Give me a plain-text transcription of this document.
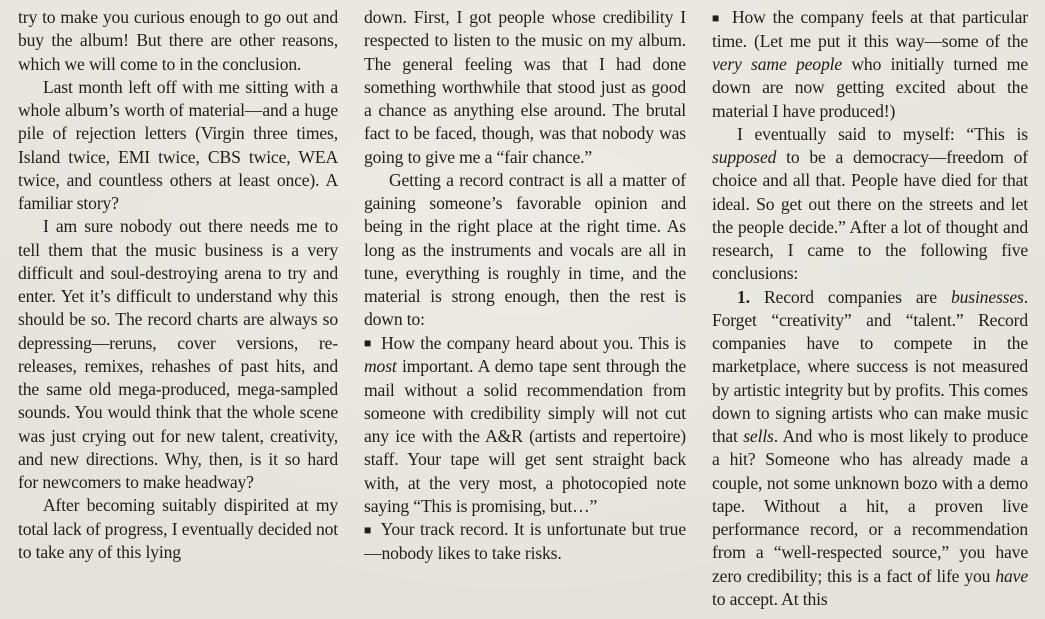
try to make you curious enough to go out and buy the album! But there are other reasons, which we will come to in the conclusion.

Last month left off with me sitting with a whole album’s worth of material—and a huge pile of rejection letters (Virgin three times, Island twice, EMI twice, CBS twice, WEA twice, and countless others at least once). A familiar story?

I am sure nobody out there needs me to tell them that the music business is a very difficult and soul-destroying arena to try and enter. Yet it’s difficult to understand why this should be so. The record charts are always so depressing—reruns, cover versions, re-releases, remixes, rehashes of past hits, and the same old mega-produced, mega-sampled sounds. You would think that the whole scene was just crying out for new talent, creativity, and new directions. Why, then, is it so hard for newcomers to make headway?

After becoming suitably dispirited at my total lack of progress, I eventually decided not to take any of this lying

down. First, I got people whose credibility I respected to listen to the music on my album. The general feeling was that I had done something worthwhile that stood just as good a chance as anything else around. The brutal fact to be faced, though, was that nobody was going to give me a “fair chance.”

Getting a record contract is all a matter of gaining someone’s favorable opinion and being in the right place at the right time. As long as the instruments and vocals are all in tune, everything is roughly in time, and the material is strong enough, then the rest is down to:

■ How the company heard about you. This is most important. A demo tape sent through the mail without a solid recommendation from someone with credibility simply will not cut any ice with the A&R (artists and repertoire) staff. Your tape will get sent straight back with, at the very most, a photocopied note saying “This is promising, but…”

■ Your track record. It is unfortunate but true—nobody likes to take risks.

■ How the company feels at that particular time. (Let me put it this way—some of the very same people who initially turned me down are now getting excited about the material I have produced!)

I eventually said to myself: “This is supposed to be a democracy—freedom of choice and all that. People have died for that ideal. So get out there on the streets and let the people decide.” After a lot of thought and research, I came to the following five conclusions:

1. Record companies are businesses. Forget “creativity” and “talent.” Record companies have to compete in the marketplace, where success is not measured by artistic integrity but by profits. This comes down to signing artists who can make music that sells. And who is most likely to produce a hit? Someone who has already made a couple, not some unknown bozo with a demo tape. Without a hit, a proven live performance record, or a recommendation from a “well-respected source,” you have zero credibility; this is a fact of life you have to accept. At this
